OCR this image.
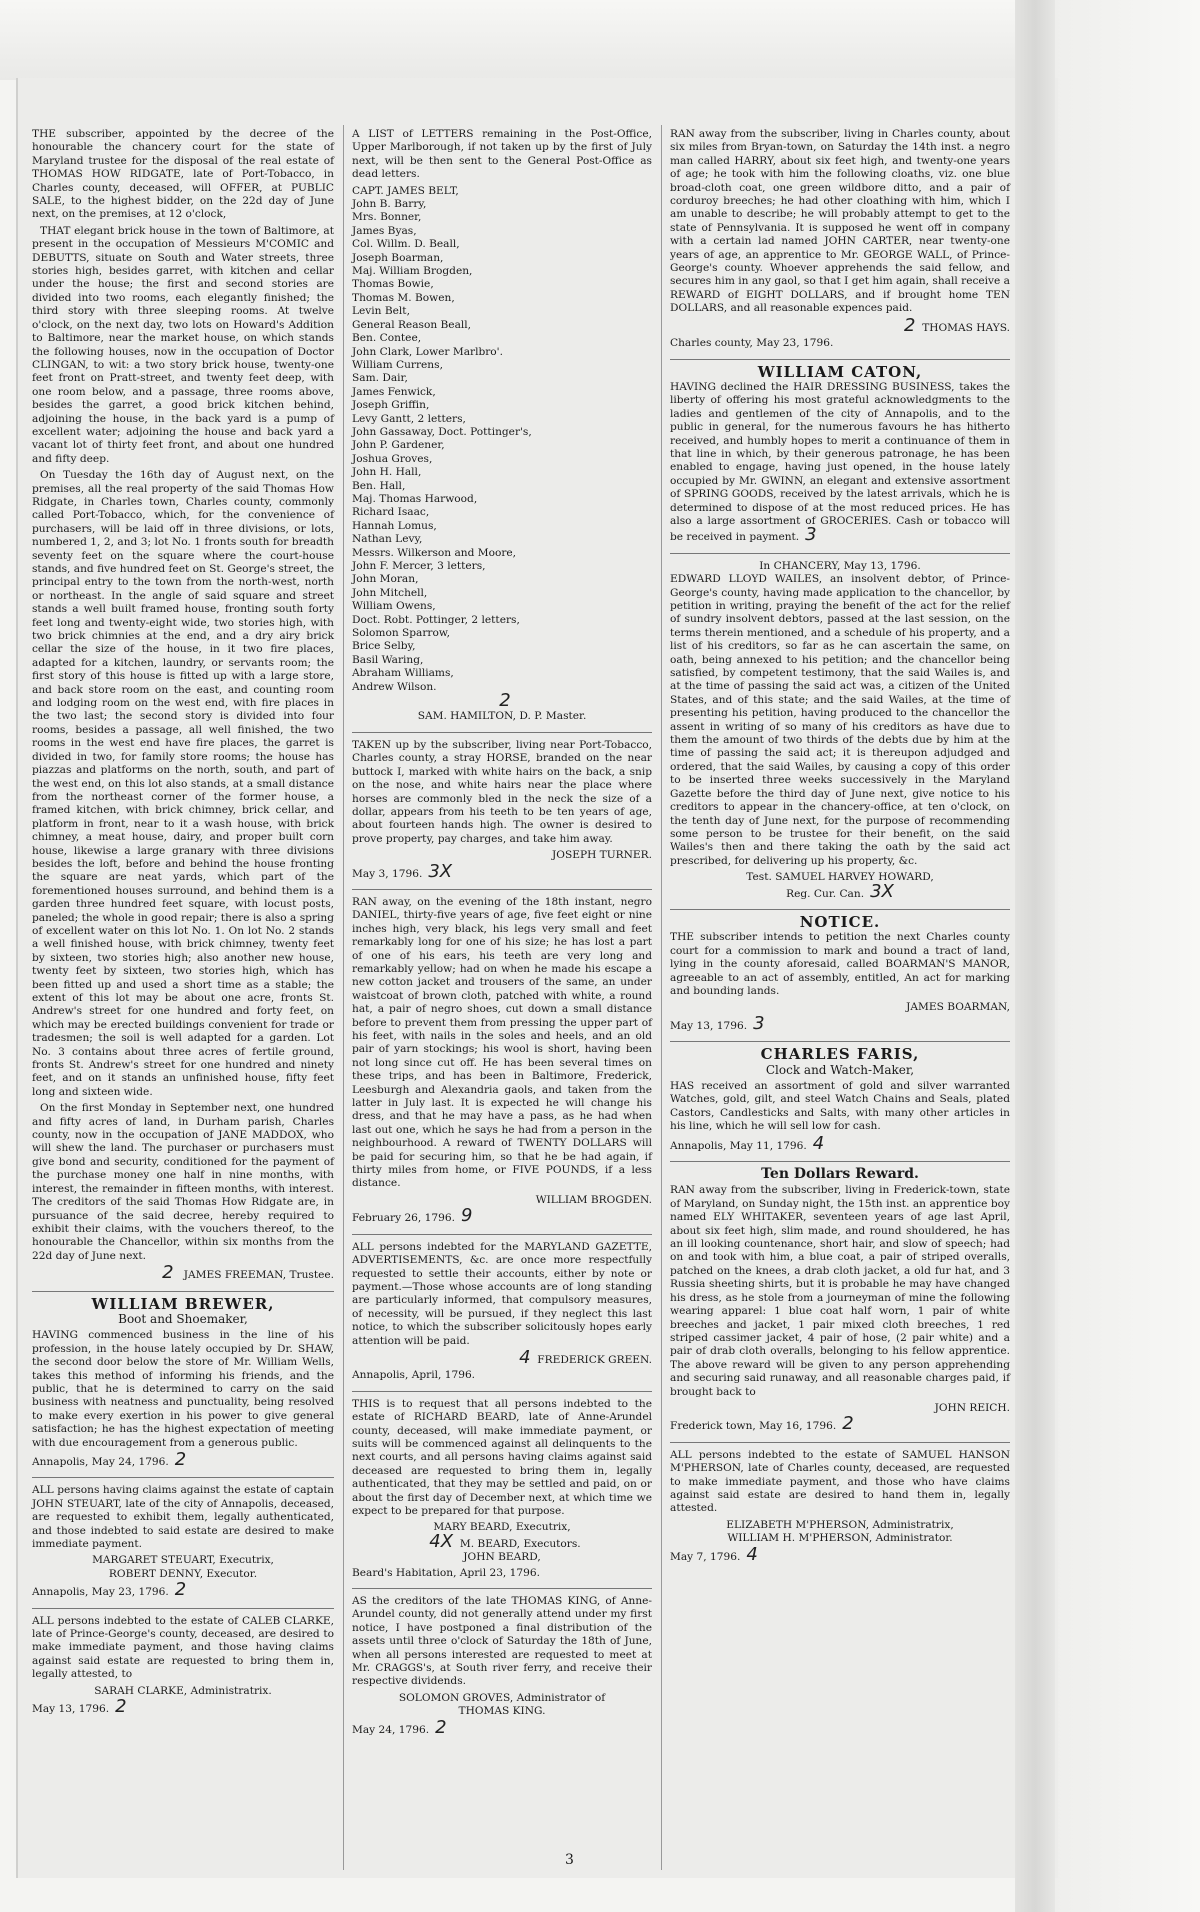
THE subscriber, appointed by the decree of the honourable the chancery court for the state of Maryland trustee for the disposal of the real estate of THOMAS HOW RIDGATE, late of Port-Tobacco, in Charles county, deceased, will OFFER, at PUBLIC SALE, to the highest bidder, on the 22d day of June next, on the premises, at 12 o'clock,

THAT elegant brick house in the town of Baltimore, at present in the occupation of Messieurs M'COMIC and DEBUTTS, situate on South and Water streets, three stories high, besides garret, with kitchen and cellar under the house; the first and second stories are divided into two rooms, each elegantly finished; the third story with three sleeping rooms. At twelve o'clock, on the next day, two lots on Howard's Addition to Baltimore, near the market house, on which stands the following houses, now in the occupation of Doctor CLINGAN, to wit: a two story brick house, twenty-one feet front on Pratt-street, and twenty feet deep, with one room below, and a passage, three rooms above, besides the garret, a good brick kitchen behind, adjoining the house, in the back yard is a pump of excellent water; adjoining the house and back yard a vacant lot of thirty feet front, and about one hundred and fifty deep.

On Tuesday the 16th day of August next, on the premises, all the real property of the said Thomas How Ridgate, in Charles town, Charles county, commonly called Port-Tobacco, which, for the convenience of purchasers, will be laid off in three divisions, or lots, numbered 1, 2, and 3; lot No. 1 fronts south for breadth seventy feet on the square where the court-house stands, and five hundred feet on St. George's street, the principal entry to the town from the north-west, north or northeast. In the angle of said square and street stands a well built framed house, fronting south forty feet long and twenty-eight wide, two stories high, with two brick chimnies at the end, and a dry airy brick cellar the size of the house, in it two fire places, adapted for a kitchen, laundry, or servants room; the first story of this house is fitted up with a large store, and back store room on the east, and counting room and lodging room on the west end, with fire places in the two last; the second story is divided into four rooms, besides a passage, all well finished, the two rooms in the west end have fire places, the garret is divided in two, for family store rooms; the house has piazzas and platforms on the north, south, and part of the west end, on this lot also stands, at a small distance from the northeast corner of the former house, a framed kitchen, with brick chimney, brick cellar, and platform in front, near to it a wash house, with brick chimney, a meat house, dairy, and proper built corn house, likewise a large granary with three divisions besides the loft, before and behind the house fronting the square are neat yards, which part of the forementioned houses surround, and behind them is a garden three hundred feet square, with locust posts, paneled; the whole in good repair; there is also a spring of excellent water on this lot No. 1. On lot No. 2 stands a well finished house, with brick chimney, twenty feet by sixteen, two stories high; also another new house, twenty feet by sixteen, two stories high, which has been fitted up and used a short time as a stable; the extent of this lot may be about one acre, fronts St. Andrew's street for one hundred and forty feet, on which may be erected buildings convenient for trade or tradesmen; the soil is well adapted for a garden. Lot No. 3 contains about three acres of fertile ground, fronts St. Andrew's street for one hundred and ninety feet, and on it stands an unfinished house, fifty feet long and sixteen wide.

On the first Monday in September next, one hundred and fifty acres of land, in Durham parish, Charles county, now in the occupation of JANE MADDOX, who will shew the land. The purchaser or purchasers must give bond and security, conditioned for the payment of the purchase money one half in nine months, with interest, the remainder in fifteen months, with interest. The creditors of the said Thomas How Ridgate are, in pursuance of the said decree, hereby required to exhibit their claims, with the vouchers thereof, to the honourable the Chancellor, within six months from the 22d day of June next.

2 JAMES FREEMAN, Trustee.
WILLIAM BREWER,
Boot and Shoemaker,

HAVING commenced business in the line of his profession, in the house lately occupied by Dr. SHAW, the second door below the store of Mr. William Wells, takes this method of informing his friends, and the public, that he is determined to carry on the said business with neatness and punctuality, being resolved to make every exertion in his power to give general satisfaction; he has the highest expectation of meeting with due encouragement from a generous public.

Annapolis, May 24, 1796. 2

ALL persons having claims against the estate of captain JOHN STEUART, late of the city of Annapolis, deceased, are requested to exhibit them, legally authenticated, and those indebted to said estate are desired to make immediate payment.

MARGARET STEUART, Executrix,
ROBERT DENNY, Executor.
Annapolis, May 23, 1796. 2

ALL persons indebted to the estate of CALEB CLARKE, late of Prince-George's county, deceased, are desired to make immediate payment, and those having claims against said estate are requested to bring them in, legally attested, to

SARAH CLARKE, Administratrix.
May 13, 1796. 2

A LIST of LETTERS remaining in the Post-Office, Upper Marlborough, if not taken up by the first of July next, will be then sent to the General Post-Office as dead letters.

CAPT. JAMES BELT,
John B. Barry,
Mrs. Bonner,
James Byas,
Col. Willm. D. Beall,
Joseph Boarman,
Maj. William Brogden,
Thomas Bowie,
Thomas M. Bowen,
Levin Belt,
General Reason Beall,
Ben. Contee,
John Clark, Lower Marlbro'.
William Currens,
Sam. Dair,
James Fenwick,
Joseph Griffin,
Levy Gantt, 2 letters,
John Gassaway, Doct. Pottinger's,
John P. Gardener,
Joshua Groves,
John H. Hall,
Ben. Hall,
Maj. Thomas Harwood,
Richard Isaac,
Hannah Lomus,
Nathan Levy,
Messrs. Wilkerson and Moore,
John F. Mercer, 3 letters,
John Moran,
John Mitchell,
William Owens,
Doct. Robt. Pottinger, 2 letters,
Solomon Sparrow,
Brice Selby,
Basil Waring,
Abraham Williams,
Andrew Wilson.
2
SAM. HAMILTON, D. P. Master.

TAKEN up by the subscriber, living near Port-Tobacco, Charles county, a stray HORSE, branded on the near buttock I, marked with white hairs on the back, a snip on the nose, and white hairs near the place where horses are commonly bled in the neck the size of a dollar, appears from his teeth to be ten years of age, about fourteen hands high. The owner is desired to prove property, pay charges, and take him away.

JOSEPH TURNER.
May 3, 1796. 3X

RAN away, on the evening of the 18th instant, negro DANIEL, thirty-five years of age, five feet eight or nine inches high, very black, his legs very small and feet remarkably long for one of his size; he has lost a part of one of his ears, his teeth are very long and remarkably yellow; had on when he made his escape a new cotton jacket and trousers of the same, an under waistcoat of brown cloth, patched with white, a round hat, a pair of negro shoes, cut down a small distance before to prevent them from pressing the upper part of his feet, with nails in the soles and heels, and an old pair of yarn stockings; his wool is short, having been not long since cut off. He has been several times on these trips, and has been in Baltimore, Frederick, Leesburgh and Alexandria gaols, and taken from the latter in July last. It is expected he will change his dress, and that he may have a pass, as he had when last out one, which he says he had from a person in the neighbourhood. A reward of TWENTY DOLLARS will be paid for securing him, so that he be had again, if thirty miles from home, or FIVE POUNDS, if a less distance.

WILLIAM BROGDEN.
February 26, 1796. 9

ALL persons indebted for the MARYLAND GAZETTE, ADVERTISEMENTS, &c. are once more respectfully requested to settle their accounts, either by note or payment.—Those whose accounts are of long standing are particularly informed, that compulsory measures, of necessity, will be pursued, if they neglect this last notice, to which the subscriber solicitously hopes early attention will be paid.

4 FREDERICK GREEN.
Annapolis, April, 1796.

THIS is to request that all persons indebted to the estate of RICHARD BEARD, late of Anne-Arundel county, deceased, will make immediate payment, or suits will be commenced against all delinquents to the next courts, and all persons having claims against said deceased are requested to bring them in, legally authenticated, that they may be settled and paid, on or about the first day of December next, at which time we expect to be prepared for that purpose.

MARY BEARD, Executrix,
4X M. BEARD, Executors.
JOHN BEARD,
Beard's Habitation, April 23, 1796.

AS the creditors of the late THOMAS KING, of Anne-Arundel county, did not generally attend under my first notice, I have postponed a final distribution of the assets until three o'clock of Saturday the 18th of June, when all persons interested are requested to meet at Mr. CRAGGS's, at South river ferry, and receive their respective dividends.

SOLOMON GROVES, Administrator of
THOMAS KING.
May 24, 1796. 2

RAN away from the subscriber, living in Charles county, about six miles from Bryan-town, on Saturday the 14th inst. a negro man called HARRY, about six feet high, and twenty-one years of age; he took with him the following cloaths, viz. one blue broad-cloth coat, one green wildbore ditto, and a pair of corduroy breeches; he had other cloathing with him, which I am unable to describe; he will probably attempt to get to the state of Pennsylvania. It is supposed he went off in company with a certain lad named JOHN CARTER, near twenty-one years of age, an apprentice to Mr. GEORGE WALL, of Prince-George's county. Whoever apprehends the said fellow, and secures him in any gaol, so that I get him again, shall receive a REWARD of EIGHT DOLLARS, and if brought home TEN DOLLARS, and all reasonable expences paid.

2 THOMAS HAYS.
Charles county, May 23, 1796.
WILLIAM CATON,

HAVING declined the HAIR DRESSING BUSINESS, takes the liberty of offering his most grateful acknowledgments to the ladies and gentlemen of the city of Annapolis, and to the public in general, for the numerous favours he has hitherto received, and humbly hopes to merit a continuance of them in that line in which, by their generous patronage, he has been enabled to engage, having just opened, in the house lately occupied by Mr. GWINN, an elegant and extensive assortment of SPRING GOODS, received by the latest arrivals, which he is determined to dispose of at the most reduced prices. He has also a large assortment of GROCERIES. Cash or tobacco will be received in payment. 3

In CHANCERY, May 13, 1796.

EDWARD LLOYD WAILES, an insolvent debtor, of Prince-George's county, having made application to the chancellor, by petition in writing, praying the benefit of the act for the relief of sundry insolvent debtors, passed at the last session, on the terms therein mentioned, and a schedule of his property, and a list of his creditors, so far as he can ascertain the same, on oath, being annexed to his petition; and the chancellor being satisfied, by competent testimony, that the said Wailes is, and at the time of passing the said act was, a citizen of the United States, and of this state; and the said Wailes, at the time of presenting his petition, having produced to the chancellor the assent in writing of so many of his creditors as have due to them the amount of two thirds of the debts due by him at the time of passing the said act; it is thereupon adjudged and ordered, that the said Wailes, by causing a copy of this order to be inserted three weeks successively in the Maryland Gazette before the third day of June next, give notice to his creditors to appear in the chancery-office, at ten o'clock, on the tenth day of June next, for the purpose of recommending some person to be trustee for their benefit, on the said Wailes's then and there taking the oath by the said act prescribed, for delivering up his property, &c.

Test. SAMUEL HARVEY HOWARD,
Reg. Cur. Can. 3X
NOTICE.

THE subscriber intends to petition the next Charles county court for a commission to mark and bound a tract of land, lying in the county aforesaid, called BOARMAN'S MANOR, agreeable to an act of assembly, entitled, An act for marking and bounding lands.

JAMES BOARMAN,
May 13, 1796. 3
CHARLES FARIS,
Clock and Watch-Maker,

HAS received an assortment of gold and silver warranted Watches, gold, gilt, and steel Watch Chains and Seals, plated Castors, Candlesticks and Salts, with many other articles in his line, which he will sell low for cash.

Annapolis, May 11, 1796. 4
Ten Dollars Reward.

RAN away from the subscriber, living in Frederick-town, state of Maryland, on Sunday night, the 15th inst. an apprentice boy named ELY WHITAKER, seventeen years of age last April, about six feet high, slim made, and round shouldered, he has an ill looking countenance, short hair, and slow of speech; had on and took with him, a blue coat, a pair of striped overalls, patched on the knees, a drab cloth jacket, a old fur hat, and 3 Russia sheeting shirts, but it is probable he may have changed his dress, as he stole from a journeyman of mine the following wearing apparel: 1 blue coat half worn, 1 pair of white breeches and jacket, 1 pair mixed cloth breeches, 1 red striped cassimer jacket, 4 pair of hose, (2 pair white) and a pair of drab cloth overalls, belonging to his fellow apprentice. The above reward will be given to any person apprehending and securing said runaway, and all reasonable charges paid, if brought back to

JOHN REICH.
Frederick town, May 16, 1796. 2

ALL persons indebted to the estate of SAMUEL HANSON M'PHERSON, late of Charles county, deceased, are requested to make immediate payment, and those who have claims against said estate are desired to hand them in, legally attested.

ELIZABETH M'PHERSON, Administratrix,
WILLIAM H. M'PHERSON, Administrator.
May 7, 1796. 4
3
